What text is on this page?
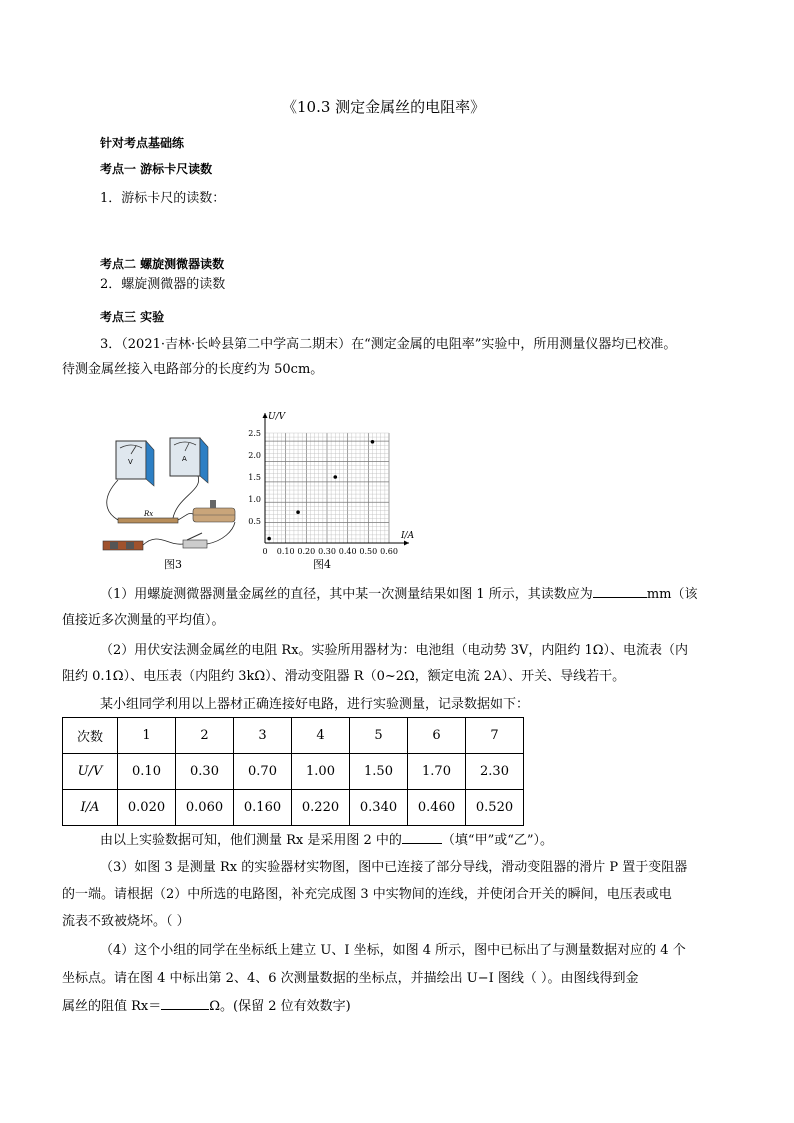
《10.3 测定金属丝的电阻率》
针对考点基础练
考点一 游标卡尺读数
1．游标卡尺的读数：
考点二 螺旋测微器读数
2．螺旋测微器的读数
考点三 实验
3．（2021·吉林·长岭县第二中学高二期末）在“测定金属的电阻率”实验中，所用测量仪器均已校准。
待测金属丝接入电路部分的长度约为 50cm。
V	A
Rx
图3
0 0.10 0.20 0.30 0.40 0.50 0.60
0.5
1.0
1.5
2.0
2.5
I/A
U/V
图4
（1）用螺旋测微器测量金属丝的直径，其中某一次测量结果如图 1 所示，其读数应为	mm（该
值接近多次测量的平均值）。
（2）用伏安法测金属丝的电阻 Rx。实验所用器材为：电池组（电动势 3V，内阻约 1Ω）、电流表（内
阻约 0.1Ω）、电压表（内阻约 3kΩ）、滑动变阻器 R（0~2Ω，额定电流 2A）、开关、导线若干。
某小组同学利用以上器材正确连接好电路，进行实验测量，记录数据如下：
次数	1	2	3	4	5	6	7
U/V	0.10	0.30	0.70	1.00	1.50	1.70	2.30
I/A	0.020	0.060	0.160	0.220	0.340	0.460	0.520
由以上实验数据可知，他们测量 Rx 是采用图 2 中的	（填“甲”或“乙”）。
（3）如图 3 是测量 Rx 的实验器材实物图，图中已连接了部分导线，滑动变阻器的滑片 P 置于变阻器
的一端。请根据（2）中所选的电路图，补充完成图 3 中实物间的连线，并使闭合开关的瞬间，电压表或电
流表不致被烧坏。（ ）
（4）这个小组的同学在坐标纸上建立 U、I 坐标，如图 4 所示，图中已标出了与测量数据对应的 4 个
坐标点。请在图 4 中标出第 2、4、6 次测量数据的坐标点，并描绘出 U−I 图线（ ）。由图线得到金
属丝的阻值 Rx＝	Ω。(保留 2 位有效数字)
